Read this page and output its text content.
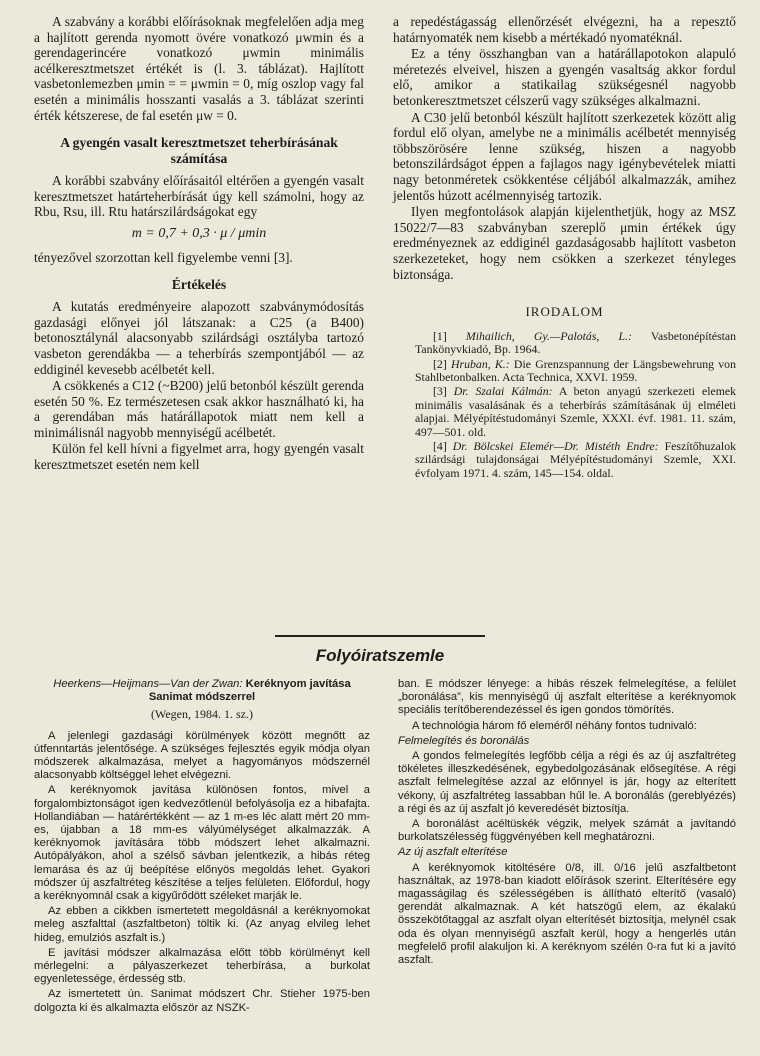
A szabvány a korábbi előírásoknak megfelelően adja meg a hajlított gerenda nyomott övére vonatkozó μwmin és a gerendagerincére vonatkozó μwmin minimális acélkeresztmetszet értékét is (l. 3. táblázat). Hajlított vasbetonlemezben μmin = = μwmin = 0, míg oszlop vagy fal esetén a minimális hosszanti vasalás a 3. táblázat szerinti érték kétszerese, de fal esetén μw = 0.

A gyengén vasalt keresztmetszet teherbírásának számítása

A korábbi szabvány előírásaitól eltérően a gyengén vasalt keresztmetszet határteherbírását úgy kell számolni, hogy az Rbu, Rsu, ill. Rtu határszilárdságokat egy

m = 0,7 + 0,3 · μ / μmin

tényezővel szorzottan kell figyelembe venni [3].

Értékelés

A kutatás eredményeire alapozott szabványmódosítás gazdasági előnyei jól látszanak: a C25 (a B400) betonosztálynál alacsonyabb szilárdsági osztályba tartozó vasbeton gerendákba — a teherbírás szempontjából — az eddiginél kevesebb acélbetét kell.

A csökkenés a C12 (~B200) jelű betonból készült gerenda esetén 50 %. Ez természetesen csak akkor használható ki, ha a gerendában más határállapotok miatt nem kell a minimálisnál nagyobb mennyiségű acélbetét.

Külön fel kell hívni a figyelmet arra, hogy gyengén vasalt keresztmetszet esetén nem kell

a repedéstágasság ellenőrzését elvégezni, ha a repesztő határnyomaték nem kisebb a mértékadó nyomatéknál.

Ez a tény összhangban van a határállapotokon alapuló méretezés elveivel, hiszen a gyengén vasaltság akkor fordul elő, amikor a statikailag szükségesnél nagyobb betonkeresztmetszet célszerű vagy szükséges alkalmazni.

A C30 jelű betonból készült hajlított szerkezetek között alig fordul elő olyan, amelybe ne a minimális acélbetét mennyiség többszörösére lenne szükség, hiszen a nagyobb betonszilárdságot éppen a fajlagos nagy igénybevételek miatti nagy betonméretek csökkentése céljából alkalmazzák, amihez jelentős húzott acélmennyiség tartozik.

Ilyen megfontolások alapján kijelenthetjük, hogy az MSZ 15022/7—83 szabványban szereplő μmin értékek úgy eredményeznek az eddiginél gazdaságosabb hajlított vasbeton szerkezeteket, hogy nem csökken a szerkezet tényleges biztonsága.

IRODALOM

[1] Mihailich, Gy.—Palotás, L.: Vasbetonépítéstan Tankönyvkiadó, Bp. 1964.

[2] Hruban, K.: Die Grenzspannung der Längsbewehrung von Stahlbetonbalken. Acta Technica, XXVI. 1959.

[3] Dr. Szalai Kálmán: A beton anyagú szerkezeti elemek minimális vasalásának és a teherbírás számításának új elméleti alapjai. Mélyépítéstudományi Szemle, XXXI. évf. 1981. 11. szám, 497—501. old.

[4] Dr. Bölcskei Elemér—Dr. Mistéth Endre: Feszítőhuzalok szilárdsági tulajdonságai Mélyépítéstudományi Szemle, XXI. évfolyam 1971. 4. szám, 145—154. oldal.

Folyóiratszemle
Heerkens—Heijmans—Van der Zwan: Keréknyom javítása Sanimat módszerrel
(Wegen, 1984. 1. sz.)

A jelenlegi gazdasági körülmények között megnőtt az útfenntartás jelentősége. A szükséges fejlesztés egyik módja olyan módszerek alkalmazása, melyet a hagyományos módszernél alacsonyabb költséggel lehet elvégezni.

A keréknyomok javítása különösen fontos, mivel a forgalombiztonságot igen kedvezőtlenül befolyásolja ez a hibafajta. Hollandiában — határértékként — az 1 m-es léc alatt mért 20 mm-es, újabban a 18 mm-es vályúmélységet alkalmazzák. A keréknyomok javítására több módszert lehet alkalmazni. Autópályákon, ahol a szélső sávban jelentkezik, a hibás réteg lemarása és az új beépítése előnyös megoldás lehet. Gyakori módszer új aszfaltréteg készítése a teljes felületen. Előfordul, hogy a keréknyomnál csak a kigyűrődött széleket marják le.

Az ebben a cikkben ismertetett megoldásnál a keréknyomokat meleg aszfalttal (aszfaltbeton) töltik ki. (Az anyag elvileg lehet hideg, emulziós aszfalt is.)

E javítási módszer alkalmazása előtt több körülményt kell mérlegelni: a pályaszerkezet teherbírása, a burkolat egyenletessége, érdesség stb.

Az ismertetett ún. Sanimat módszert Chr. Stieher 1975-ben dolgozta ki és alkalmazta először az NSZK-

ban. E módszer lényege: a hibás részek felmelegítése, a felület „boronálása”, kis mennyiségű új aszfalt elterítése a keréknyomok speciális terítőberendezéssel és igen gondos tömörítés.

A technológia három fő eleméről néhány fontos tudnivaló:

Felmelegítés és boronálás

A gondos felmelegítés legfőbb célja a régi és az új aszfaltréteg tökéletes illeszkedésének, egybedolgozásának elősegítése. A régi aszfalt felmelegítése azzal az előnnyel is jár, hogy az elterített vékony, új aszfaltréteg lassabban hűl le. A boronálás (gereblyézés) a régi és az új aszfalt jó keveredését biztosítja.

A boronálást acéltüskék végzik, melyek számát a javítandó burkolatszélesség függvényében kell meghatározni.

Az új aszfalt elterítése

A keréknyomok kitöltésére 0/8, ill. 0/16 jelű aszfaltbetont használtak, az 1978-ban kiadott előírások szerint. Elterítésére egy magasságilag és szélességében is állítható elterítő (vasaló) gerendát alkalmaznak. A két hatszögű elem, az ékalakú összekötőtaggal az aszfalt olyan elterítését biztosítja, melynél csak oda és olyan mennyiségű aszfalt kerül, hogy a hengerlés után megfelelő profil alakuljon ki. A keréknyom szélén 0-ra fut ki a javító aszfalt.
